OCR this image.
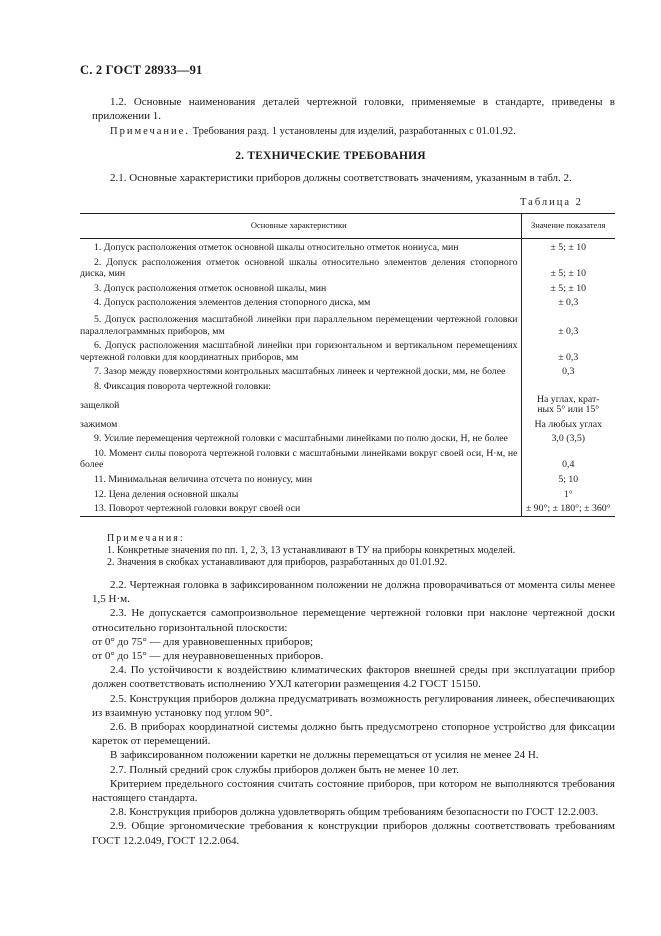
С. 2 ГОСТ 28933—91
1.2. Основные наименования деталей чертежной головки, применяемые в стандарте, приведены в приложении 1.
Примечание. Требования разд. 1 установлены для изделий, разработанных с 01.01.92.
2. ТЕХНИЧЕСКИЕ ТРЕБОВАНИЯ
2.1. Основные характеристики приборов должны соответствовать значениям, указанным в табл. 2.
Таблица 2
Основные характеристики	Значение показателя
1. Допуск расположения отметок основной шкалы относительно отметок нониуса, мин	± 5; ± 10
2. Допуск расположения отметок основной шкалы относительно элементов деления стопорного диска, мин	± 5; ± 10
3. Допуск расположения отметок основной шкалы, мин	± 5; ± 10
4. Допуск расположения элементов деления стопорного диска, мм	± 0,3
5. Допуск расположения масштабной линейки при параллельном перемещении чертежной головки параллелограммных приборов, мм	± 0,3
6. Допуск расположения масштабной линейки при горизонтальном и вертикальном перемещениях чертежной головки для координатных приборов, мм	± 0,3
7. Зазор между поверхностями контрольных масштабных линеек и чертежной доски, мм, не более	0,3
8. Фиксация поворота чертежной головки:	
защелкой	На углах, крат-
ных 5° или 15°
зажимом	На любых углах
9. Усилие перемещения чертежной головки с масштабными линейками по полю доски, Н, не более	3,0 (3,5)
10. Момент силы поворота чертежной головки с масштабными линейками вокруг своей оси, Н·м, не более	0,4
11. Минимальная величина отсчета по нониусу, мин	5; 10
12. Цена деления основной шкалы	1°
13. Поворот чертежной головки вокруг своей оси	± 90°; ± 180°; ± 360°
Примечания:
1. Конкретные значения по пп. 1, 2, 3, 13 устанавливают в ТУ на приборы конкретных моделей.
2. Значения в скобках устанавливают для приборов, разработанных до 01.01.92.
2.2. Чертежная головка в зафиксированном положении не должна проворачиваться от момента силы менее 1,5 Н·м.
2.3. Не допускается самопроизвольное перемещение чертежной головки при наклоне чертежной доски относительно горизонтальной плоскости:
от 0° до 75° — для уравновешенных приборов;
от 0° до 15° — для неуравновешенных приборов.
2.4. По устойчивости к воздействию климатических факторов внешней среды при эксплуатации прибор должен соответствовать исполнению УХЛ категории размещения 4.2 ГОСТ 15150.
2.5. Конструкция приборов должна предусматривать возможность регулирования линеек, обеспечивающих из взаимную установку под углом 90°.
2.6. В приборах координатной системы должно быть предусмотрено стопорное устройство для фиксации кареток от перемещений.
В зафиксированном положении каретки не должны перемещаться от усилия не менее 24 Н.
2.7. Полный средний срок службы приборов должен быть не менее 10 лет.
Критерием предельного состояния считать состояние приборов, при котором не выполняются требования настоящего стандарта.
2.8. Конструкция приборов должна удовлетворять общим требованиям безопасности по ГОСТ 12.2.003.
2.9. Общие эргономические требования к конструкции приборов должны соответствовать требованиям ГОСТ 12.2.049, ГОСТ 12.2.064.
